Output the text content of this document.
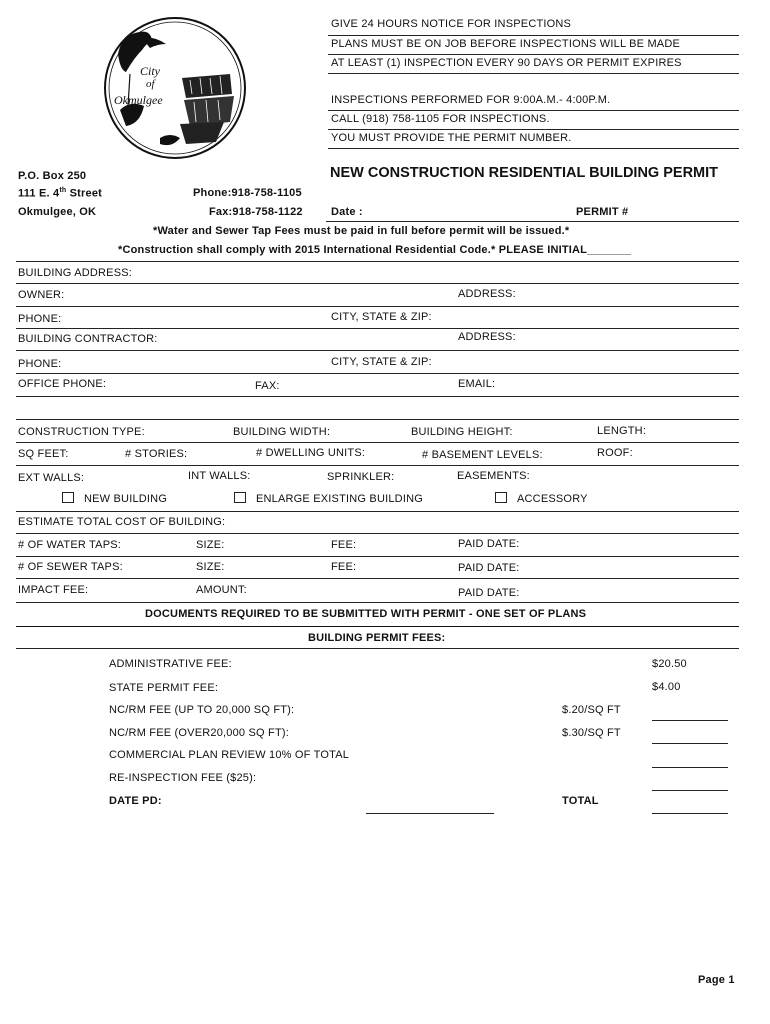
City
of
Okmulgee
GIVE 24 HOURS NOTICE FOR INSPECTIONS
PLANS MUST BE ON JOB BEFORE INSPECTIONS WILL BE MADE
AT LEAST (1) INSPECTION EVERY 90 DAYS OR PERMIT EXPIRES
INSPECTIONS PERFORMED FOR 9:00A.M.- 4:00P.M.
CALL (918) 758-1105 FOR INSPECTIONS.
YOU MUST PROVIDE THE PERMIT NUMBER.
P.O. Box 250
111 E. 4th Street
Okmulgee, OK
Phone:918-758-1105
Fax:918-758-1122
NEW CONSTRUCTION RESIDENTIAL BUILDING PERMIT
Date :	PERMIT #
*Water and Sewer Tap Fees must be paid in full before permit will be issued.*
*Construction shall comply with 2015 International Residential Code.* PLEASE INITIAL_______
BUILDING ADDRESS:
OWNER:	ADDRESS:
PHONE:	CITY, STATE & ZIP:
BUILDING CONTRACTOR:	ADDRESS:
PHONE:	CITY, STATE & ZIP:
OFFICE PHONE:	FAX:	EMAIL:
CONSTRUCTION TYPE:	BUILDING WIDTH:	BUILDING HEIGHT:	LENGTH:
SQ FEET:	# STORIES:	# DWELLING UNITS:	# BASEMENT LEVELS:	ROOF:
EXT WALLS:	INT WALLS:	SPRINKLER:	EASEMENTS:
NEW BUILDING	ENLARGE EXISTING BUILDING	ACCESSORY
ESTIMATE TOTAL COST OF BUILDING:
# OF WATER TAPS:	SIZE:	FEE:	PAID DATE:
# OF SEWER TAPS:	SIZE:	FEE:	PAID DATE:
IMPACT FEE:	AMOUNT:	PAID DATE:
DOCUMENTS REQUIRED TO BE SUBMITTED WITH PERMIT - ONE SET OF PLANS
BUILDING PERMIT FEES:
ADMINISTRATIVE FEE:	$20.50
STATE PERMIT FEE:	$4.00
NC/RM FEE (UP TO 20,000 SQ FT):	$.20/SQ FT
NC/RM FEE (OVER20,000 SQ FT):	$.30/SQ FT
COMMERCIAL PLAN REVIEW 10% OF TOTAL
RE-INSPECTION FEE ($25):
DATE PD:	TOTAL
Page 1
